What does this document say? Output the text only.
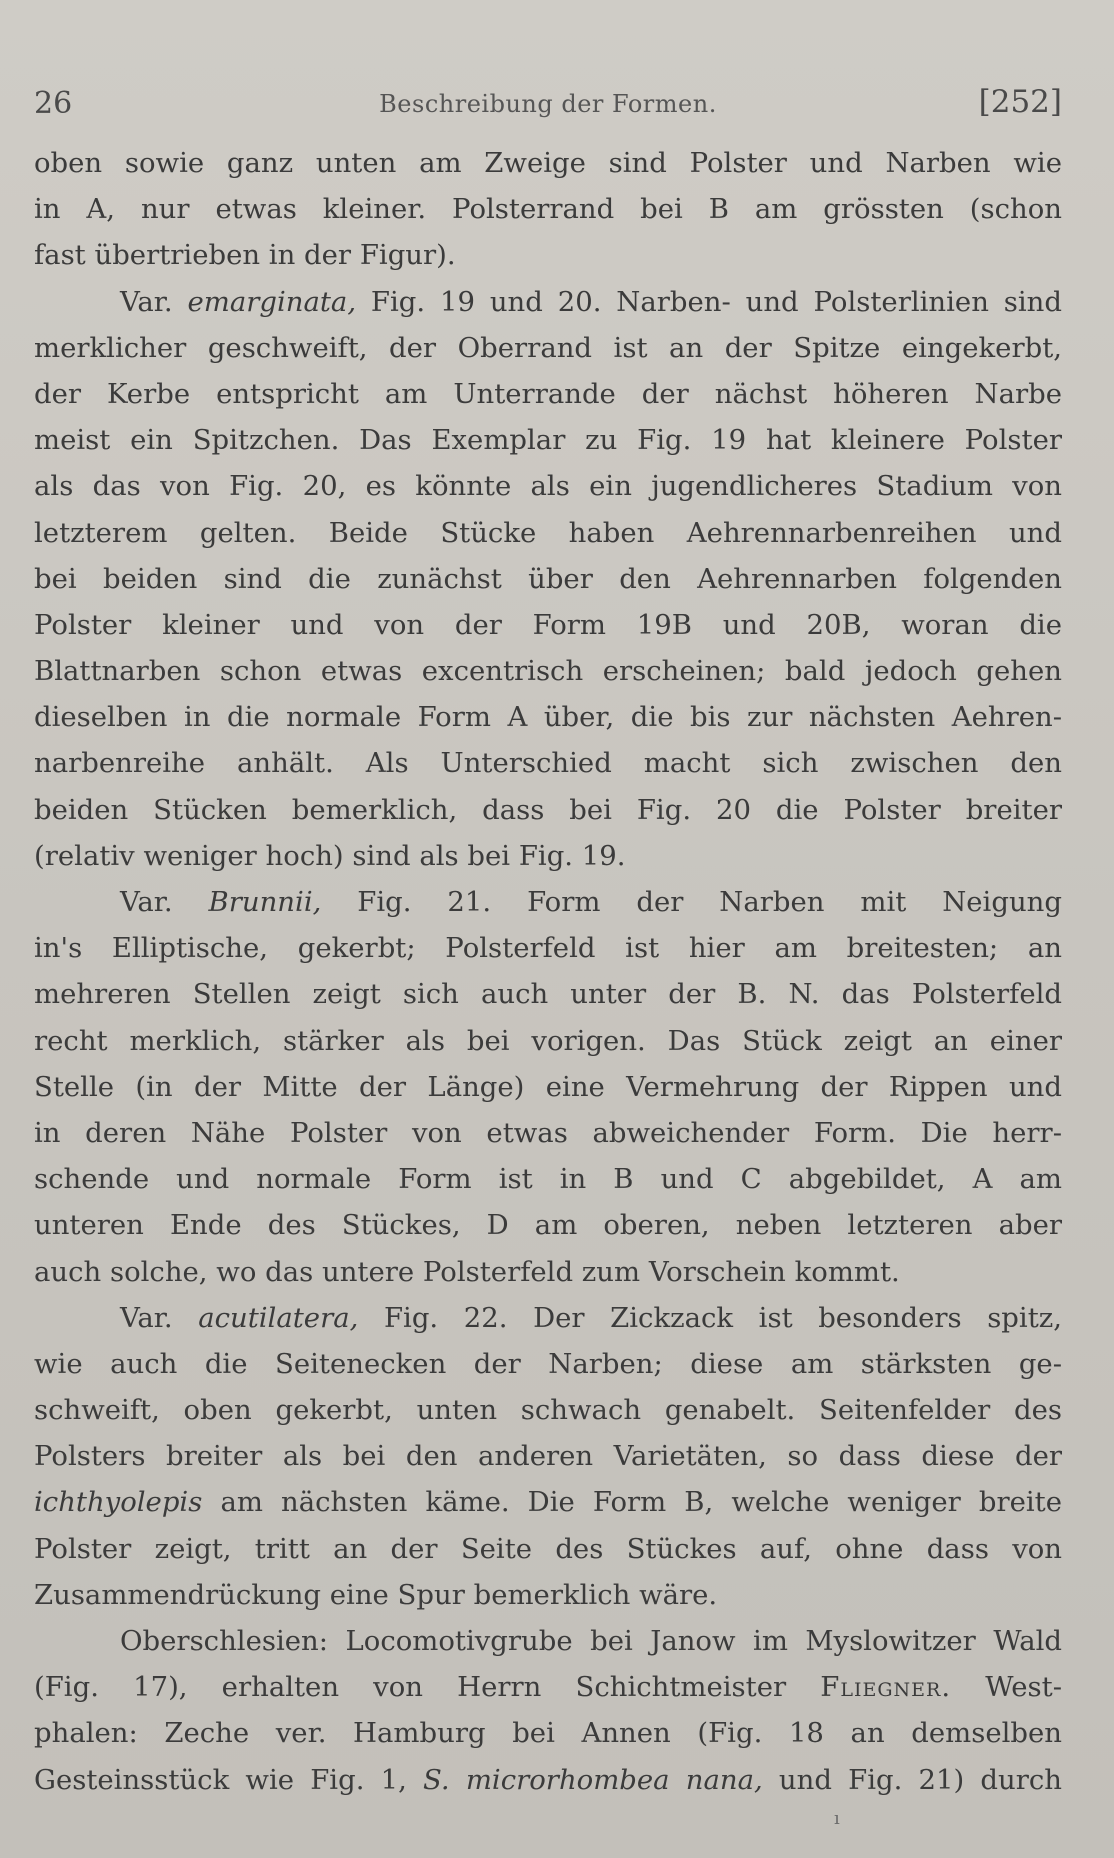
26	Beschreibung der Formen.	[252]
oben sowie ganz unten am Zweige sind Polster und Narben wie
in A, nur etwas kleiner. Polsterrand bei B am grössten (schon
fast übertrieben in der Figur).
Var. emarginata, Fig. 19 und 20. Narben- und Polsterlinien sind
merklicher geschweift, der Oberrand ist an der Spitze eingekerbt,
der Kerbe entspricht am Unterrande der nächst höheren Narbe
meist ein Spitzchen. Das Exemplar zu Fig. 19 hat kleinere Polster
als das von Fig. 20, es könnte als ein jugendlicheres Stadium von
letzterem gelten. Beide Stücke haben Aehrennarbenreihen und
bei beiden sind die zunächst über den Aehrennarben folgenden
Polster kleiner und von der Form 19B und 20B, woran die
Blattnarben schon etwas excentrisch erscheinen; bald jedoch gehen
dieselben in die normale Form A über, die bis zur nächsten Aehren-
narbenreihe anhält. Als Unterschied macht sich zwischen den
beiden Stücken bemerklich, dass bei Fig. 20 die Polster breiter
(relativ weniger hoch) sind als bei Fig. 19.
Var. Brunnii, Fig. 21. Form der Narben mit Neigung
in's Elliptische, gekerbt; Polsterfeld ist hier am breitesten; an
mehreren Stellen zeigt sich auch unter der B. N. das Polsterfeld
recht merklich, stärker als bei vorigen. Das Stück zeigt an einer
Stelle (in der Mitte der Länge) eine Vermehrung der Rippen und
in deren Nähe Polster von etwas abweichender Form. Die herr-
schende und normale Form ist in B und C abgebildet, A am
unteren Ende des Stückes, D am oberen, neben letzteren aber
auch solche, wo das untere Polsterfeld zum Vorschein kommt.
Var. acutilatera, Fig. 22. Der Zickzack ist besonders spitz,
wie auch die Seitenecken der Narben; diese am stärksten ge-
schweift, oben gekerbt, unten schwach genabelt. Seitenfelder des
Polsters breiter als bei den anderen Varietäten, so dass diese der
ichthyolepis am nächsten käme. Die Form B, welche weniger breite
Polster zeigt, tritt an der Seite des Stückes auf, ohne dass von
Zusammendrückung eine Spur bemerklich wäre.
Oberschlesien: Locomotivgrube bei Janow im Myslowitzer Wald
(Fig. 17), erhalten von Herrn Schichtmeister Fliegner. West-
phalen: Zeche ver. Hamburg bei Annen (Fig. 18 an demselben
Gesteinsstück wie Fig. 1, S. microrhombea nana, und Fig. 21) durch
ı
